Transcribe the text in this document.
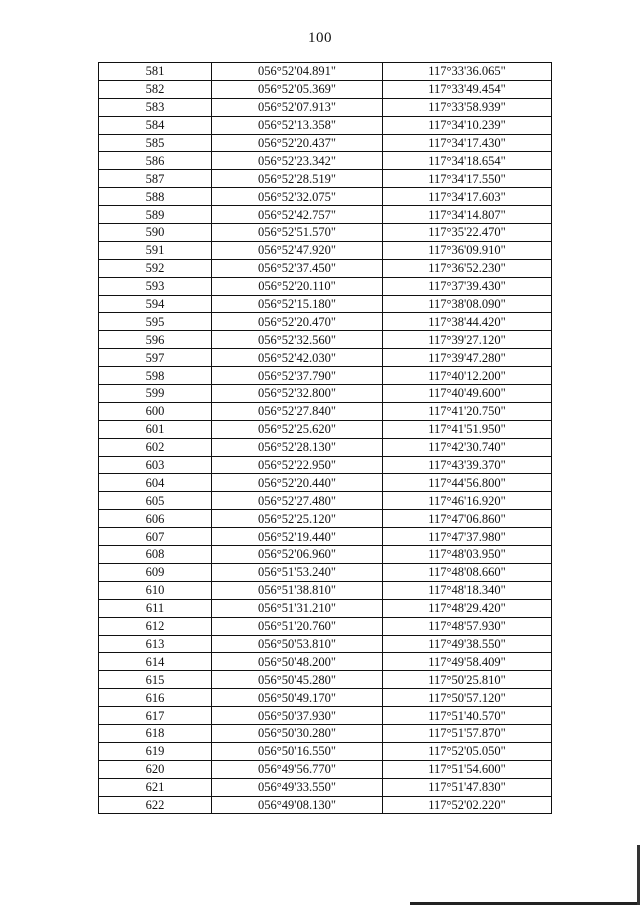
100
581	056°52'04.891"	117°33'36.065"
582	056°52'05.369"	117°33'49.454"
583	056°52'07.913"	117°33'58.939"
584	056°52'13.358"	117°34'10.239"
585	056°52'20.437"	117°34'17.430"
586	056°52'23.342"	117°34'18.654"
587	056°52'28.519"	117°34'17.550"
588	056°52'32.075"	117°34'17.603"
589	056°52'42.757"	117°34'14.807"
590	056°52'51.570"	117°35'22.470"
591	056°52'47.920"	117°36'09.910"
592	056°52'37.450"	117°36'52.230"
593	056°52'20.110"	117°37'39.430"
594	056°52'15.180"	117°38'08.090"
595	056°52'20.470"	117°38'44.420"
596	056°52'32.560"	117°39'27.120"
597	056°52'42.030"	117°39'47.280"
598	056°52'37.790"	117°40'12.200"
599	056°52'32.800"	117°40'49.600"
600	056°52'27.840"	117°41'20.750"
601	056°52'25.620"	117°41'51.950"
602	056°52'28.130"	117°42'30.740"
603	056°52'22.950"	117°43'39.370"
604	056°52'20.440"	117°44'56.800"
605	056°52'27.480"	117°46'16.920"
606	056°52'25.120"	117°47'06.860"
607	056°52'19.440"	117°47'37.980"
608	056°52'06.960"	117°48'03.950"
609	056°51'53.240"	117°48'08.660"
610	056°51'38.810"	117°48'18.340"
611	056°51'31.210"	117°48'29.420"
612	056°51'20.760"	117°48'57.930"
613	056°50'53.810"	117°49'38.550"
614	056°50'48.200"	117°49'58.409"
615	056°50'45.280"	117°50'25.810"
616	056°50'49.170"	117°50'57.120"
617	056°50'37.930"	117°51'40.570"
618	056°50'30.280"	117°51'57.870"
619	056°50'16.550"	117°52'05.050"
620	056°49'56.770"	117°51'54.600"
621	056°49'33.550"	117°51'47.830"
622	056°49'08.130"	117°52'02.220"
